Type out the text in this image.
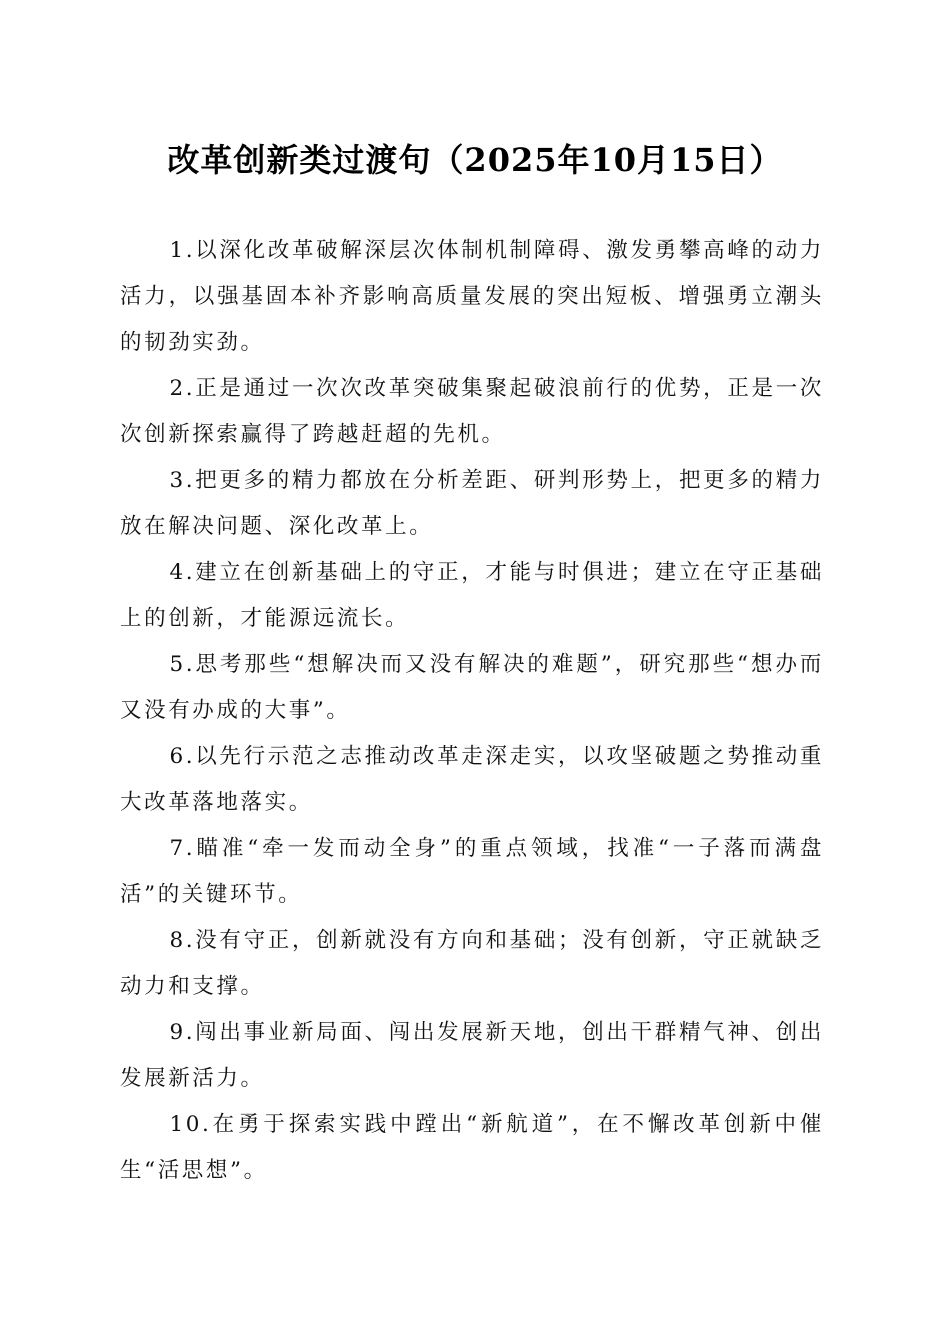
改革创新类过渡句（2025年10月15日）

1.以深化改革破解深层次体制机制障碍、激发勇攀高峰的动力活力，以强基固本补齐影响高质量发展的突出短板、增强勇立潮头的韧劲实劲。

2.正是通过一次次改革突破集聚起破浪前行的优势，正是一次次创新探索赢得了跨越赶超的先机。

3.把更多的精力都放在分析差距、研判形势上，把更多的精力放在解决问题、深化改革上。

4.建立在创新基础上的守正，才能与时俱进；建立在守正基础上的创新，才能源远流长。

5.思考那些“想解决而又没有解决的难题”，研究那些“想办而又没有办成的大事”。

6.以先行示范之志推动改革走深走实，以攻坚破题之势推动重大改革落地落实。

7.瞄准“牵一发而动全身”的重点领域，找准“一子落而满盘活”的关键环节。

8.没有守正，创新就没有方向和基础；没有创新，守正就缺乏动力和支撑。

9.闯出事业新局面、闯出发展新天地，创出干群精气神、创出发展新活力。

10.在勇于探索实践中蹚出“新航道”，在不懈改革创新中催生“活思想”。
